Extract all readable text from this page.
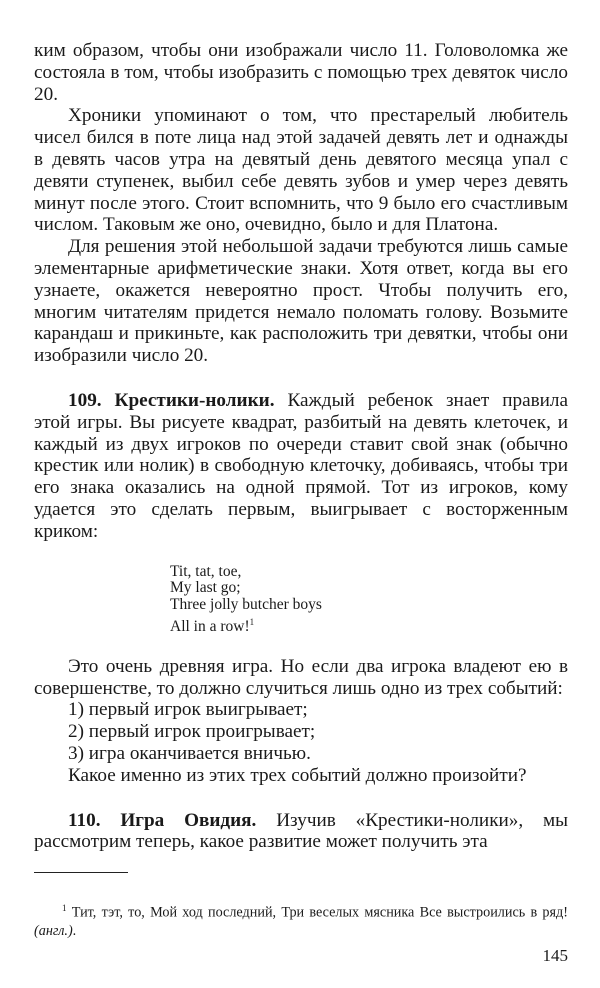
ким образом, чтобы они изображали число 11. Головоломка же состояла в том, чтобы изобразить с помощью трех девяток число 20.

Хроники упоминают о том, что престарелый любитель чисел бился в поте лица над этой задачей девять лет и однажды в девять часов утра на девятый день девятого месяца упал с девяти ступенек, выбил себе девять зубов и умер через девять минут после этого. Стоит вспомнить, что 9 было его счастливым числом. Таковым же оно, очевидно, было и для Платона.

Для решения этой небольшой задачи требуются лишь самые элементарные арифметические знаки. Хотя ответ, когда вы его узнаете, окажется невероятно прост. Чтобы получить его, многим читателям придется немало поломать голову. Возьмите карандаш и прикиньте, как расположить три девятки, чтобы они изобразили число 20.

109. Крестики-нолики. Каждый ребенок знает правила этой игры. Вы рисуете квадрат, разбитый на девять клеточек, и каждый из двух игроков по очереди ставит свой знак (обычно крестик или нолик) в свободную клеточку, добиваясь, чтобы три его знака оказались на одной прямой. Тот из игроков, кому удается это сделать первым, выигрывает с восторженным криком:

Tit, tat, toe,
My last go;
Three jolly butcher boys
All in a row!$^1$

Это очень древняя игра. Но если два игрока владеют ею в совершенстве, то должно случиться лишь одно из трех событий:

1) первый игрок выигрывает;
2) первый игрок проигрывает;
3) игра оканчивается вничью.

Какое именно из этих трех событий должно произойти?

110. Игра Овидия. Изучив «Крестики-нолики», мы рассмотрим теперь, какое развитие может получить эта

$^1$ Тит, тэт, то, Мой ход последний, Три веселых мясника Все выстроились в ряд! (англ.).

145
